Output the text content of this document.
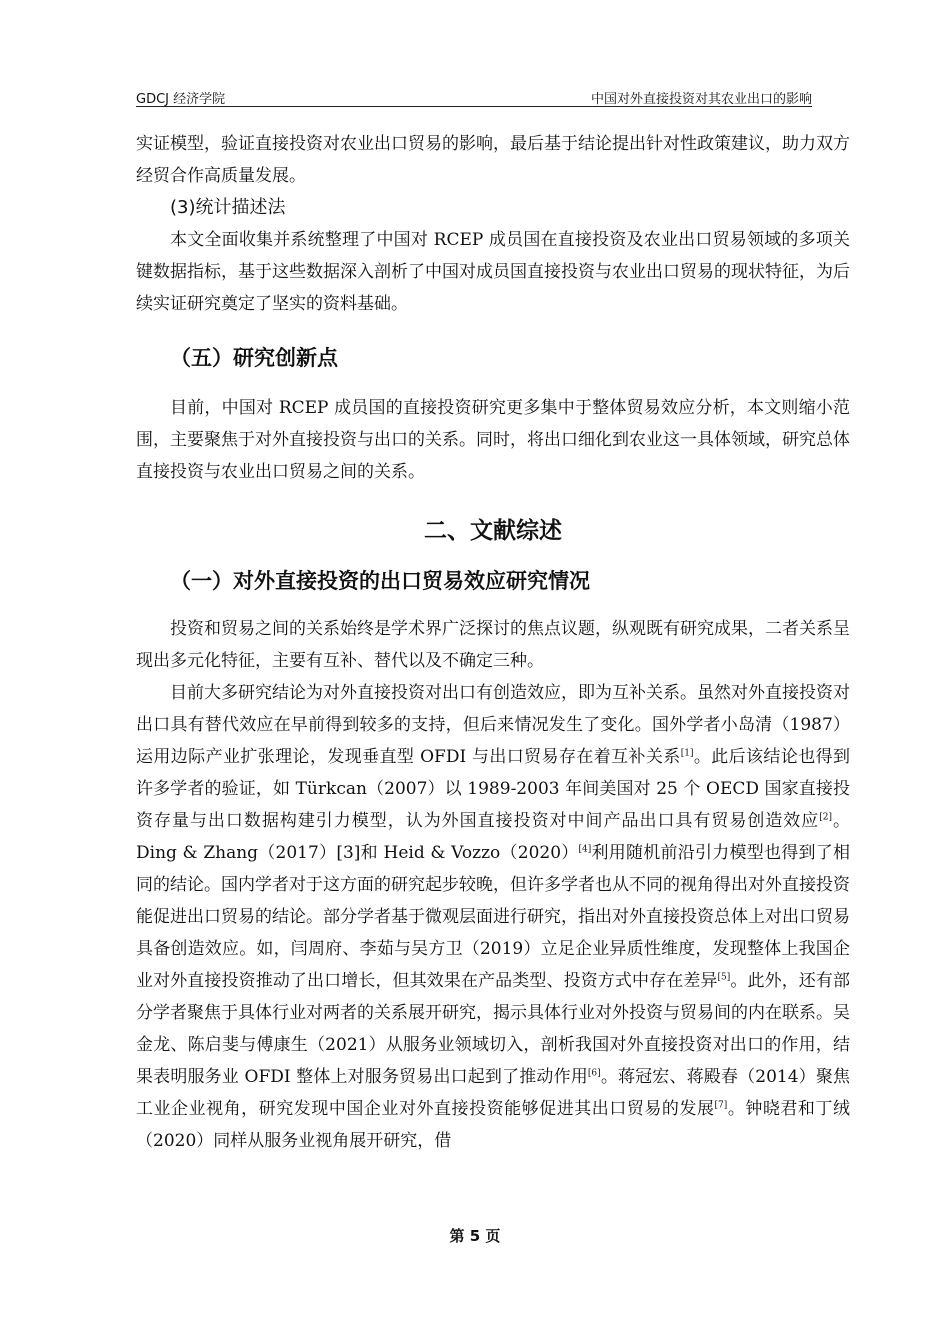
GDCJ 经济学院	中国对外直接投资对其农业出口的影响

实证模型，验证直接投资对农业出口贸易的影响，最后基于结论提出针对性政策建议，助力双方经贸合作高质量发展。

(3)统计描述法

本文全面收集并系统整理了中国对 RCEP 成员国在直接投资及农业出口贸易领域的多项关键数据指标，基于这些数据深入剖析了中国对成员国直接投资与农业出口贸易的现状特征，为后续实证研究奠定了坚实的资料基础。

（五）研究创新点

目前，中国对 RCEP 成员国的直接投资研究更多集中于整体贸易效应分析，本文则缩小范围，主要聚焦于对外直接投资与出口的关系。同时，将出口细化到农业这一具体领域，研究总体直接投资与农业出口贸易之间的关系。

二、文献综述
（一）对外直接投资的出口贸易效应研究情况

投资和贸易之间的关系始终是学术界广泛探讨的焦点议题，纵观既有研究成果，二者关系呈现出多元化特征，主要有互补、替代以及不确定三种。

目前大多研究结论为对外直接投资对出口有创造效应，即为互补关系。虽然对外直接投资对出口具有替代效应在早前得到较多的支持，但后来情况发生了变化。国外学者小岛清（1987）运用边际产业扩张理论，发现垂直型 OFDI 与出口贸易存在着互补关系[1]。此后该结论也得到许多学者的验证，如 Türkcan（2007）以 1989-2003 年间美国对 25 个 OECD 国家直接投资存量与出口数据构建引力模型，认为外国直接投资对中间产品出口具有贸易创造效应[2]。Ding & Zhang（2017）[3]和 Heid & Vozzo（2020）[4]利用随机前沿引力模型也得到了相同的结论。国内学者对于这方面的研究起步较晚，但许多学者也从不同的视角得出对外直接投资能促进出口贸易的结论。部分学者基于微观层面进行研究，指出对外直接投资总体上对出口贸易具备创造效应。如，闫周府、李茹与吴方卫（2019）立足企业异质性维度，发现整体上我国企业对外直接投资推动了出口增长，但其效果在产品类型、投资方式中存在差异[5]。此外，还有部分学者聚焦于具体行业对两者的关系展开研究，揭示具体行业对外投资与贸易间的内在联系。吴金龙、陈启斐与傅康生（2021）从服务业领域切入，剖析我国对外直接投资对出口的作用，结果表明服务业 OFDI 整体上对服务贸易出口起到了推动作用[6]。蒋冠宏、蒋殿春（2014）聚焦工业企业视角，研究发现中国企业对外直接投资能够促进其出口贸易的发展[7]。钟晓君和丁绒（2020）同样从服务业视角展开研究，借

第 5 页
